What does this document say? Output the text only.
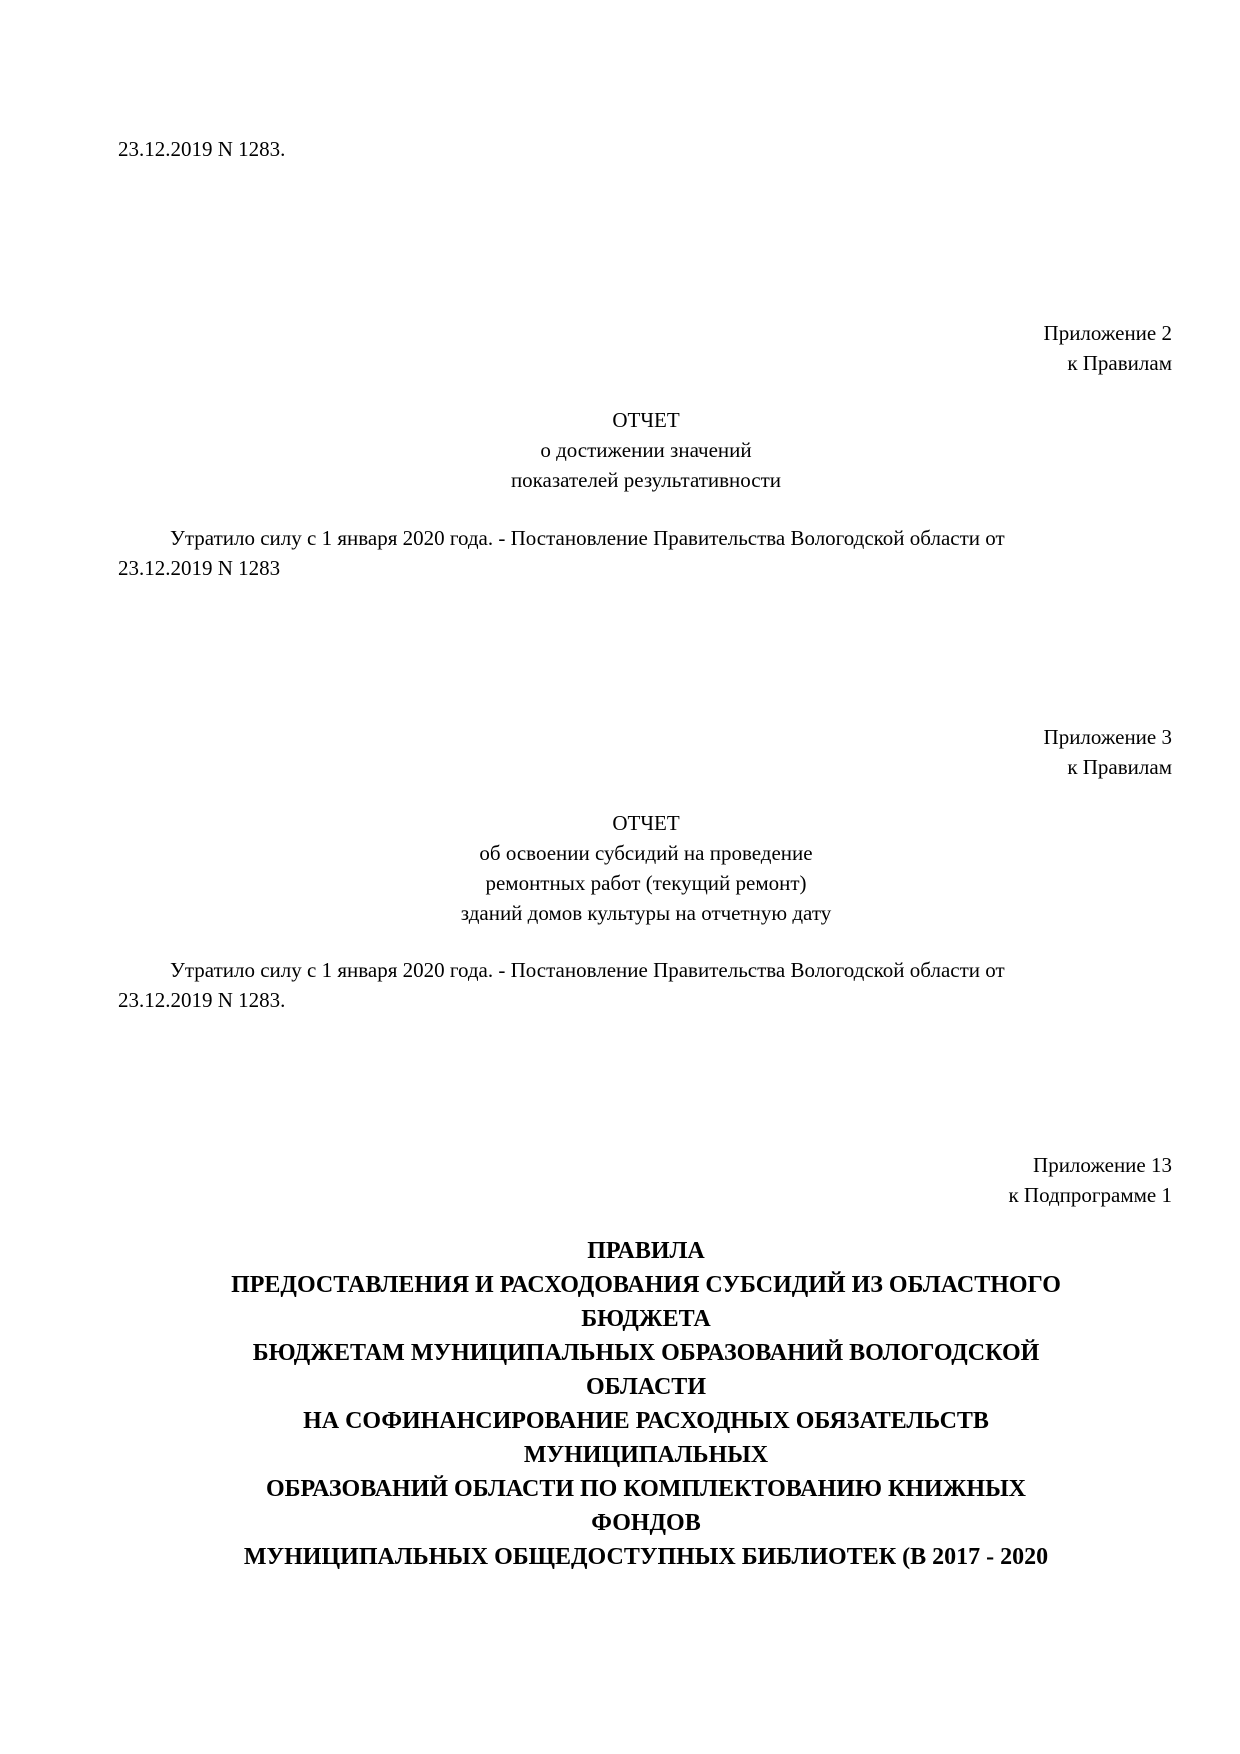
23.12.2019 N 1283.

Приложение 2
к Правилам
ОТЧЕТ
о достижении значений
показателей результативности
Утратило силу с 1 января 2020 года. - Постановление Правительства Вологодской области от
23.12.2019 N 1283
Приложение 3
к Правилам
ОТЧЕТ
об освоении субсидий на проведение
ремонтных работ (текущий ремонт)
зданий домов культуры на отчетную дату
Утратило силу с 1 января 2020 года. - Постановление Правительства Вологодской области от
23.12.2019 N 1283.
Приложение 13
к Подпрограмме 1
ПРАВИЛА
ПРЕДОСТАВЛЕНИЯ И РАСХОДОВАНИЯ СУБСИДИЙ ИЗ ОБЛАСТНОГО
БЮДЖЕТА
БЮДЖЕТАМ МУНИЦИПАЛЬНЫХ ОБРАЗОВАНИЙ ВОЛОГОДСКОЙ
ОБЛАСТИ
НА СОФИНАНСИРОВАНИЕ РАСХОДНЫХ ОБЯЗАТЕЛЬСТВ
МУНИЦИПАЛЬНЫХ
ОБРАЗОВАНИЙ ОБЛАСТИ ПО КОМПЛЕКТОВАНИЮ КНИЖНЫХ
ФОНДОВ
МУНИЦИПАЛЬНЫХ ОБЩЕДОСТУПНЫХ БИБЛИОТЕК (В 2017 - 2020
